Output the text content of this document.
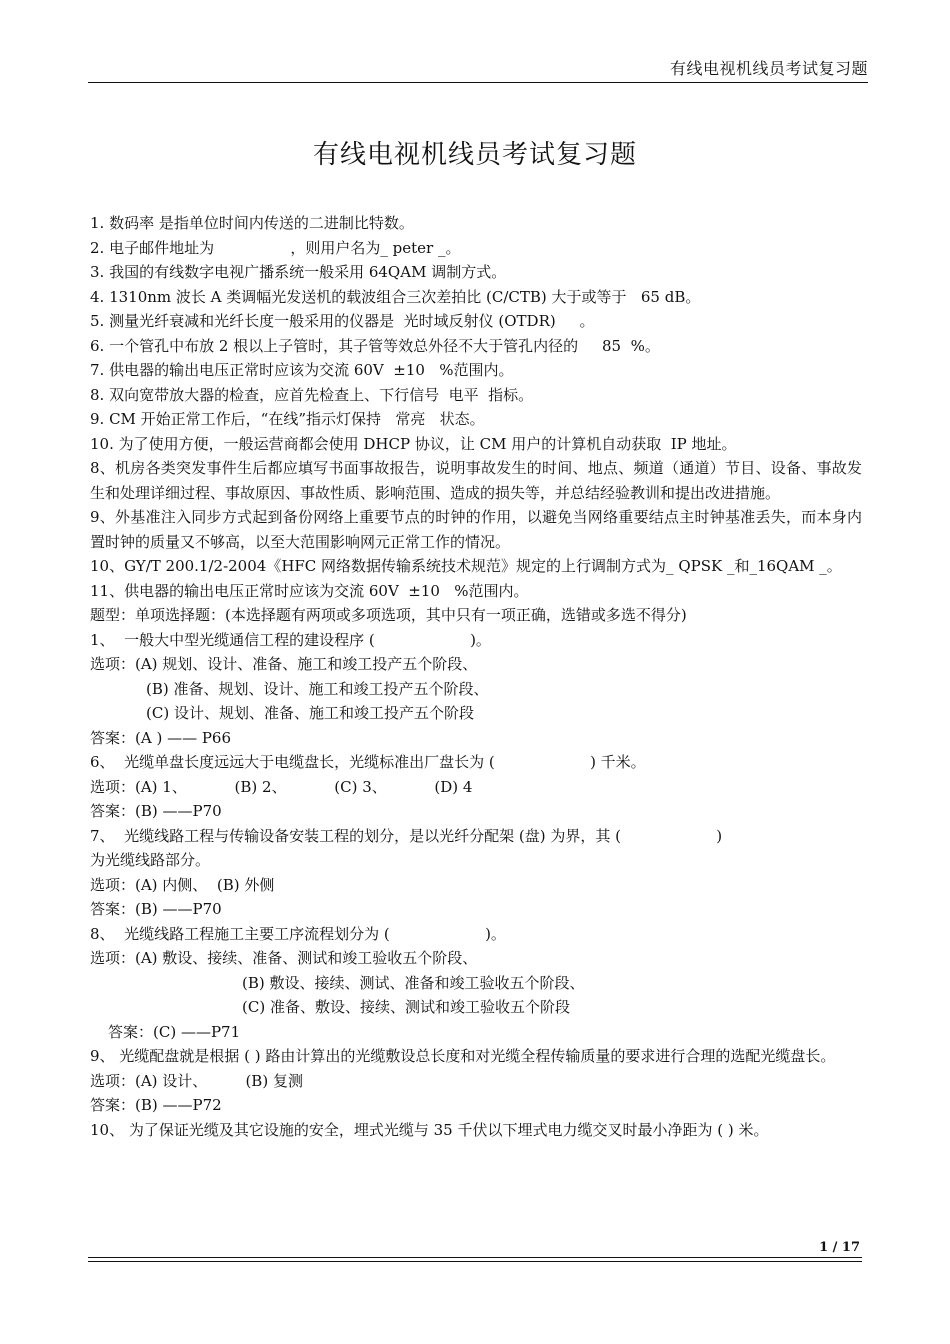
有线电视机线员考试复习题
有线电视机线员考试复习题
1. 数码率 是指单位时间内传送的二进制比特数。
2. 电子邮件地址为                ，则用户名为_ peter _。
3. 我国的有线数字电视广播系统一般采用 64QAM 调制方式。
4. 1310nm 波长 A 类调幅光发送机的载波组合三次差拍比 (C/CTB) 大于或等于   65 dB。
5. 测量光纤衰减和光纤长度一般采用的仪器是  光时域反射仪 (OTDR)     。
6. 一个管孔中布放 2 根以上子管时，其子管等效总外径不大于管孔内径的     85  %。
7. 供电器的输出电压正常时应该为交流 60V  ±10   %范围内。
8. 双向宽带放大器的检查，应首先检查上、下行信号  电平  指标。
9. CM 开始正常工作后，“在线”指示灯保持   常亮   状态。
10. 为了使用方便，一般运营商都会使用 DHCP 协议，让 CM 用户的计算机自动获取  IP 地址。
8、机房各类突发事件生后都应填写书面事故报告，说明事故发生的时间、地点、频道（通道）节目、设备、事故发生和处理详细过程、事故原因、事故性质、影响范围、造成的损失等，并总结经验教训和提出改进措施。
9、外基准注入同步方式起到备份网络上重要节点的时钟的作用，以避免当网络重要结点主时钟基准丢失，而本身内置时钟的质量又不够高，以至大范围影响网元正常工作的情况。
10、GY/T 200.1/2-2004《HFC 网络数据传输系统技术规范》规定的上行调制方式为_ QPSK _和_16QAM _。
11、供电器的输出电压正常时应该为交流 60V  ±10   %范围内。
题型：单项选择题：(本选择题有两项或多项选项，其中只有一项正确，选错或多选不得分)
1、  一般大中型光缆通信工程的建设程序 (                    )。
选项：(A) 规划、设计、准备、施工和竣工投产五个阶段、
(B) 准备、规划、设计、施工和竣工投产五个阶段、
(C) 设计、规划、准备、施工和竣工投产五个阶段
答案：(A ) —— P66
6、  光缆单盘长度远远大于电缆盘长，光缆标准出厂盘长为 (                    ) 千米。
选项：(A) 1、          (B) 2、          (C) 3、          (D) 4
答案：(B) ——P70
7、  光缆线路工程与传输设备安装工程的划分，是以光纤分配架 (盘) 为界，其 (                    )
为光缆线路部分。
选项：(A) 内侧、  (B) 外侧
答案：(B) ——P70
8、  光缆线路工程施工主要工序流程划分为 (                    )。
选项：(A) 敷设、接续、准备、测试和竣工验收五个阶段、
(B) 敷设、接续、测试、准备和竣工验收五个阶段、
(C) 准备、敷设、接续、测试和竣工验收五个阶段
答案：(C) ——P71
9、 光缆配盘就是根据 ( ) 路由计算出的光缆敷设总长度和对光缆全程传输质量的要求进行合理的选配光缆盘长。
选项：(A) 设计、        (B) 复测
答案：(B) ——P72
10、 为了保证光缆及其它设施的安全，埋式光缆与 35 千伏以下埋式电力缆交叉时最小净距为 ( ) 米。
1 / 17
